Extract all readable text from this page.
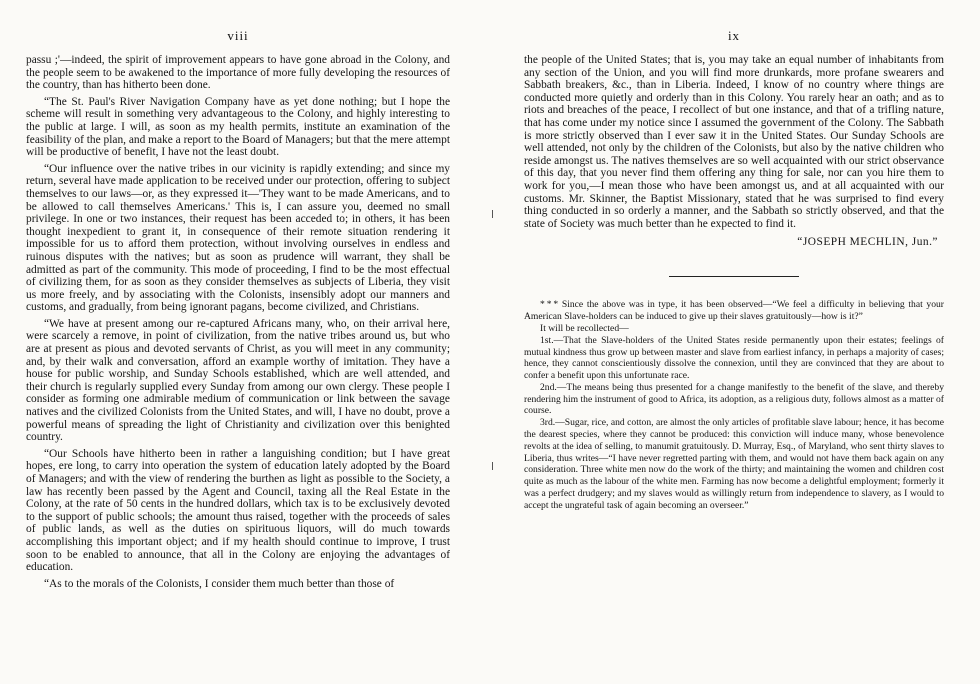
viii

passu ;'—indeed, the spirit of improvement appears to have gone abroad in the Colony, and the people seem to be awakened to the importance of more fully developing the resources of the country, than has hitherto been done.

“The St. Paul's River Navigation Company have as yet done nothing; but I hope the scheme will result in something very advantageous to the Colony, and highly interesting to the public at large. I will, as soon as my health permits, institute an examination of the feasibility of the plan, and make a report to the Board of Managers; but that the mere attempt will be productive of benefit, I have not the least doubt.

“Our influence over the native tribes in our vicinity is rapidly extending; and since my return, several have made application to be received under our protection, offering to subject themselves to our laws—or, as they expressed it—'They want to be made Americans, and to be allowed to call themselves Americans.' This is, I can assure you, deemed no small privilege. In one or two instances, their request has been acceded to; in others, it has been thought inexpedient to grant it, in consequence of their remote situation rendering it impossible for us to afford them protection, without involving ourselves in endless and ruinous disputes with the natives; but as soon as prudence will warrant, they shall be admitted as part of the community. This mode of proceeding, I find to be the most effectual of civilizing them, for as soon as they consider themselves as subjects of Liberia, they visit us more freely, and by associating with the Colonists, insensibly adopt our manners and customs, and gradually, from being ignorant pagans, become civilized, and Christians.

“We have at present among our re-captured Africans many, who, on their arrival here, were scarcely a remove, in point of civilization, from the native tribes around us, but who are at present as pious and devoted servants of Christ, as you will meet in any community; and, by their walk and conversation, afford an example worthy of imitation. They have a house for public worship, and Sunday Schools established, which are well attended, and their church is regularly supplied every Sunday from among our own clergy. These people I consider as forming one admirable medium of communication or link between the savage natives and the civilized Colonists from the United States, and will, I have no doubt, prove a powerful means of spreading the light of Christianity and civilization over this benighted country.

“Our Schools have hitherto been in rather a languishing condition; but I have great hopes, ere long, to carry into operation the system of education lately adopted by the Board of Managers; and with the view of rendering the burthen as light as possible to the Society, a law has recently been passed by the Agent and Council, taxing all the Real Estate in the Colony, at the rate of 50 cents in the hundred dollars, which tax is to be exclusively devoted to the support of public schools; the amount thus raised, together with the proceeds of sales of public lands, as well as the duties on spirituous liquors, will do much towards accomplishing this important object; and if my health should continue to improve, I trust soon to be enabled to announce, that all in the Colony are enjoying the advantages of education.

“As to the morals of the Colonists, I consider them much better than those of

ix

the people of the United States; that is, you may take an equal number of inhabitants from any section of the Union, and you will find more drunkards, more profane swearers and Sabbath breakers, &c., than in Liberia. Indeed, I know of no country where things are conducted more quietly and orderly than in this Colony. You rarely hear an oath; and as to riots and breaches of the peace, I recollect of but one instance, and that of a trifling nature, that has come under my notice since I assumed the government of the Colony. The Sabbath is more strictly observed than I ever saw it in the United States. Our Sunday Schools are well attended, not only by the children of the Colonists, but also by the native children who reside amongst us. The natives themselves are so well acquainted with our strict observance of this day, that you never find them offering any thing for sale, nor can you hire them to work for you,—I mean those who have been amongst us, and at all acquainted with our customs. Mr. Skinner, the Baptist Missionary, stated that he was surprised to find every thing conducted in so orderly a manner, and the Sabbath so strictly observed, and that the state of Society was much better than he expected to find it.

“JOSEPH MECHLIN, Jun.”

* * * Since the above was in type, it has been observed—“We feel a difficulty in believing that your American Slave-holders can be induced to give up their slaves gratuitously—how is it?”

It will be recollected—

1st.—That the Slave-holders of the United States reside permanently upon their estates; feelings of mutual kindness thus grow up between master and slave from earliest infancy, in perhaps a majority of cases; hence, they cannot conscientiously dissolve the connexion, until they are convinced that they are about to confer a benefit upon this unfortunate race.

2nd.—The means being thus presented for a change manifestly to the benefit of the slave, and thereby rendering him the instrument of good to Africa, its adoption, as a religious duty, follows almost as a matter of course.

3rd.—Sugar, rice, and cotton, are almost the only articles of profitable slave labour; hence, it has become the dearest species, where they cannot be produced: this conviction will induce many, whose benevolence revolts at the idea of selling, to manumit gratuitously. D. Murray, Esq., of Maryland, who sent thirty slaves to Liberia, thus writes—“I have never regretted parting with them, and would not have them back again on any consideration. Three white men now do the work of the thirty; and maintaining the women and children cost quite as much as the labour of the white men. Farming has now become a delightful employment; formerly it was a perfect drudgery; and my slaves would as willingly return from independence to slavery, as I would to accept the ungrateful task of again becoming an overseer.”
